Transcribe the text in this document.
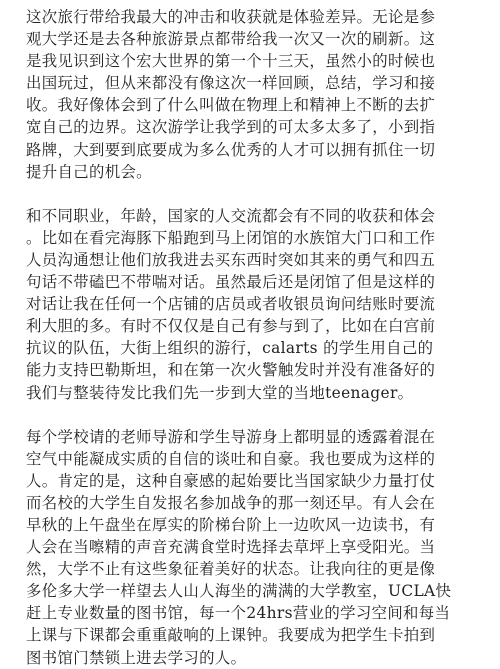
这次旅行带给我最大的冲击和收获就是体验差异。无论是参
观大学还是去各种旅游景点都带给我一次又一次的刷新。这
是我见识到这个宏大世界的第一个十三天，虽然小的时候也
出国玩过，但从来都没有像这次一样回顾，总结，学习和接
收。我好像体会到了什么叫做在物理上和精神上不断的去扩
宽自己的边界。这次游学让我学到的可太多太多了，小到指
路牌，大到要到底要成为多么优秀的人才可以拥有抓住一切
提升自己的机会。

和不同职业，年龄，国家的人交流都会有不同的收获和体会
。比如在看完海豚下船跑到马上闭馆的水族馆大门口和工作
人员沟通想让他们放我进去买东西时突如其来的勇气和四五
句话不带磕巴不带喘对话。虽然最后还是闭馆了但是这样的
对话让我在任何一个店铺的店员或者收银员询问结账时要流
利大胆的多。有时不仅仅是自己有参与到了，比如在白宫前
抗议的队伍，大街上组织的游行，calarts 的学生用自己的
能力支持巴勒斯坦，和在第一次火警触发时并没有准备好的
我们与整装待发比我们先一步到大堂的当地teenager。

每个学校请的老师导游和学生导游身上都明显的透露着混在
空气中能凝成实质的自信的谈吐和自豪。我也要成为这样的
人。肯定的是，这种自豪感的起始要比当国家缺少力量打仗
而名校的大学生自发报名参加战争的那一刻还早。有人会在
早秋的上午盘坐在厚实的阶梯台阶上一边吹风一边读书，有
人会在当嚓精的声音充满食堂时选择去草坪上享受阳光。当
然，大学不止有这些象征着美好的状态。让我向往的更是像
多伦多大学一样望去人山人海坐的满满的大学教室，UCLA快
赶上专业数量的图书馆，每一个24hrs营业的学习空间和每当
上课与下课都会重重敲响的上课钟。我要成为把学生卡拍到
图书馆门禁锁上进去学习的人。
